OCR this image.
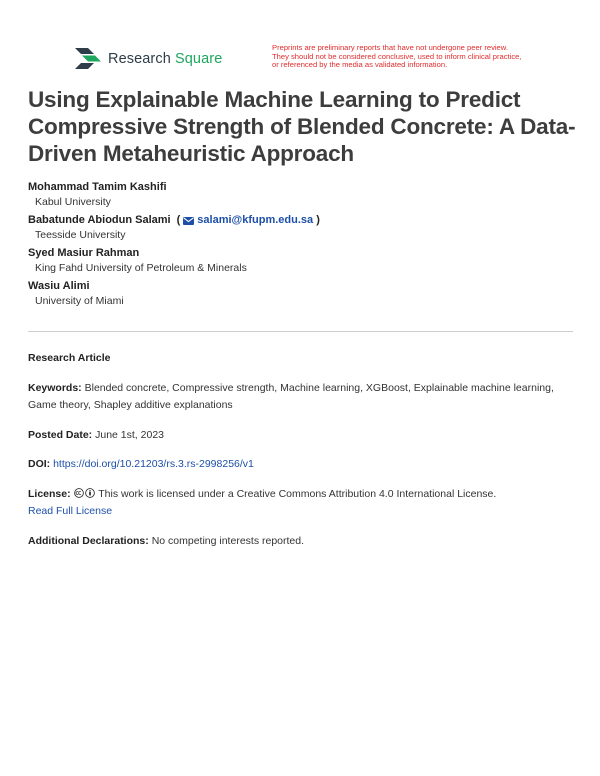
Research Square
Preprints are preliminary reports that have not undergone peer review.
They should not be considered conclusive, used to inform clinical practice,
or referenced by the media as validated information.
Using Explainable Machine Learning to Predict Compressive Strength of Blended Concrete: A Data-Driven Metaheuristic Approach
Mohammad Tamim Kashifi
Kabul University
Babatunde Abiodun Salami ( salami@kfupm.edu.sa )
Teesside University
Syed Masiur Rahman
King Fahd University of Petroleum & Minerals
Wasiu Alimi
University of Miami
Research Article
Keywords: Blended concrete, Compressive strength, Machine learning, XGBoost, Explainable machine learning, Game theory, Shapley additive explanations
Posted Date: June 1st, 2023
DOI: https://doi.org/10.21203/rs.3.rs-2998256/v1
License:	This work is licensed under a Creative Commons Attribution 4.0 International License.
Read Full License
Additional Declarations: No competing interests reported.
